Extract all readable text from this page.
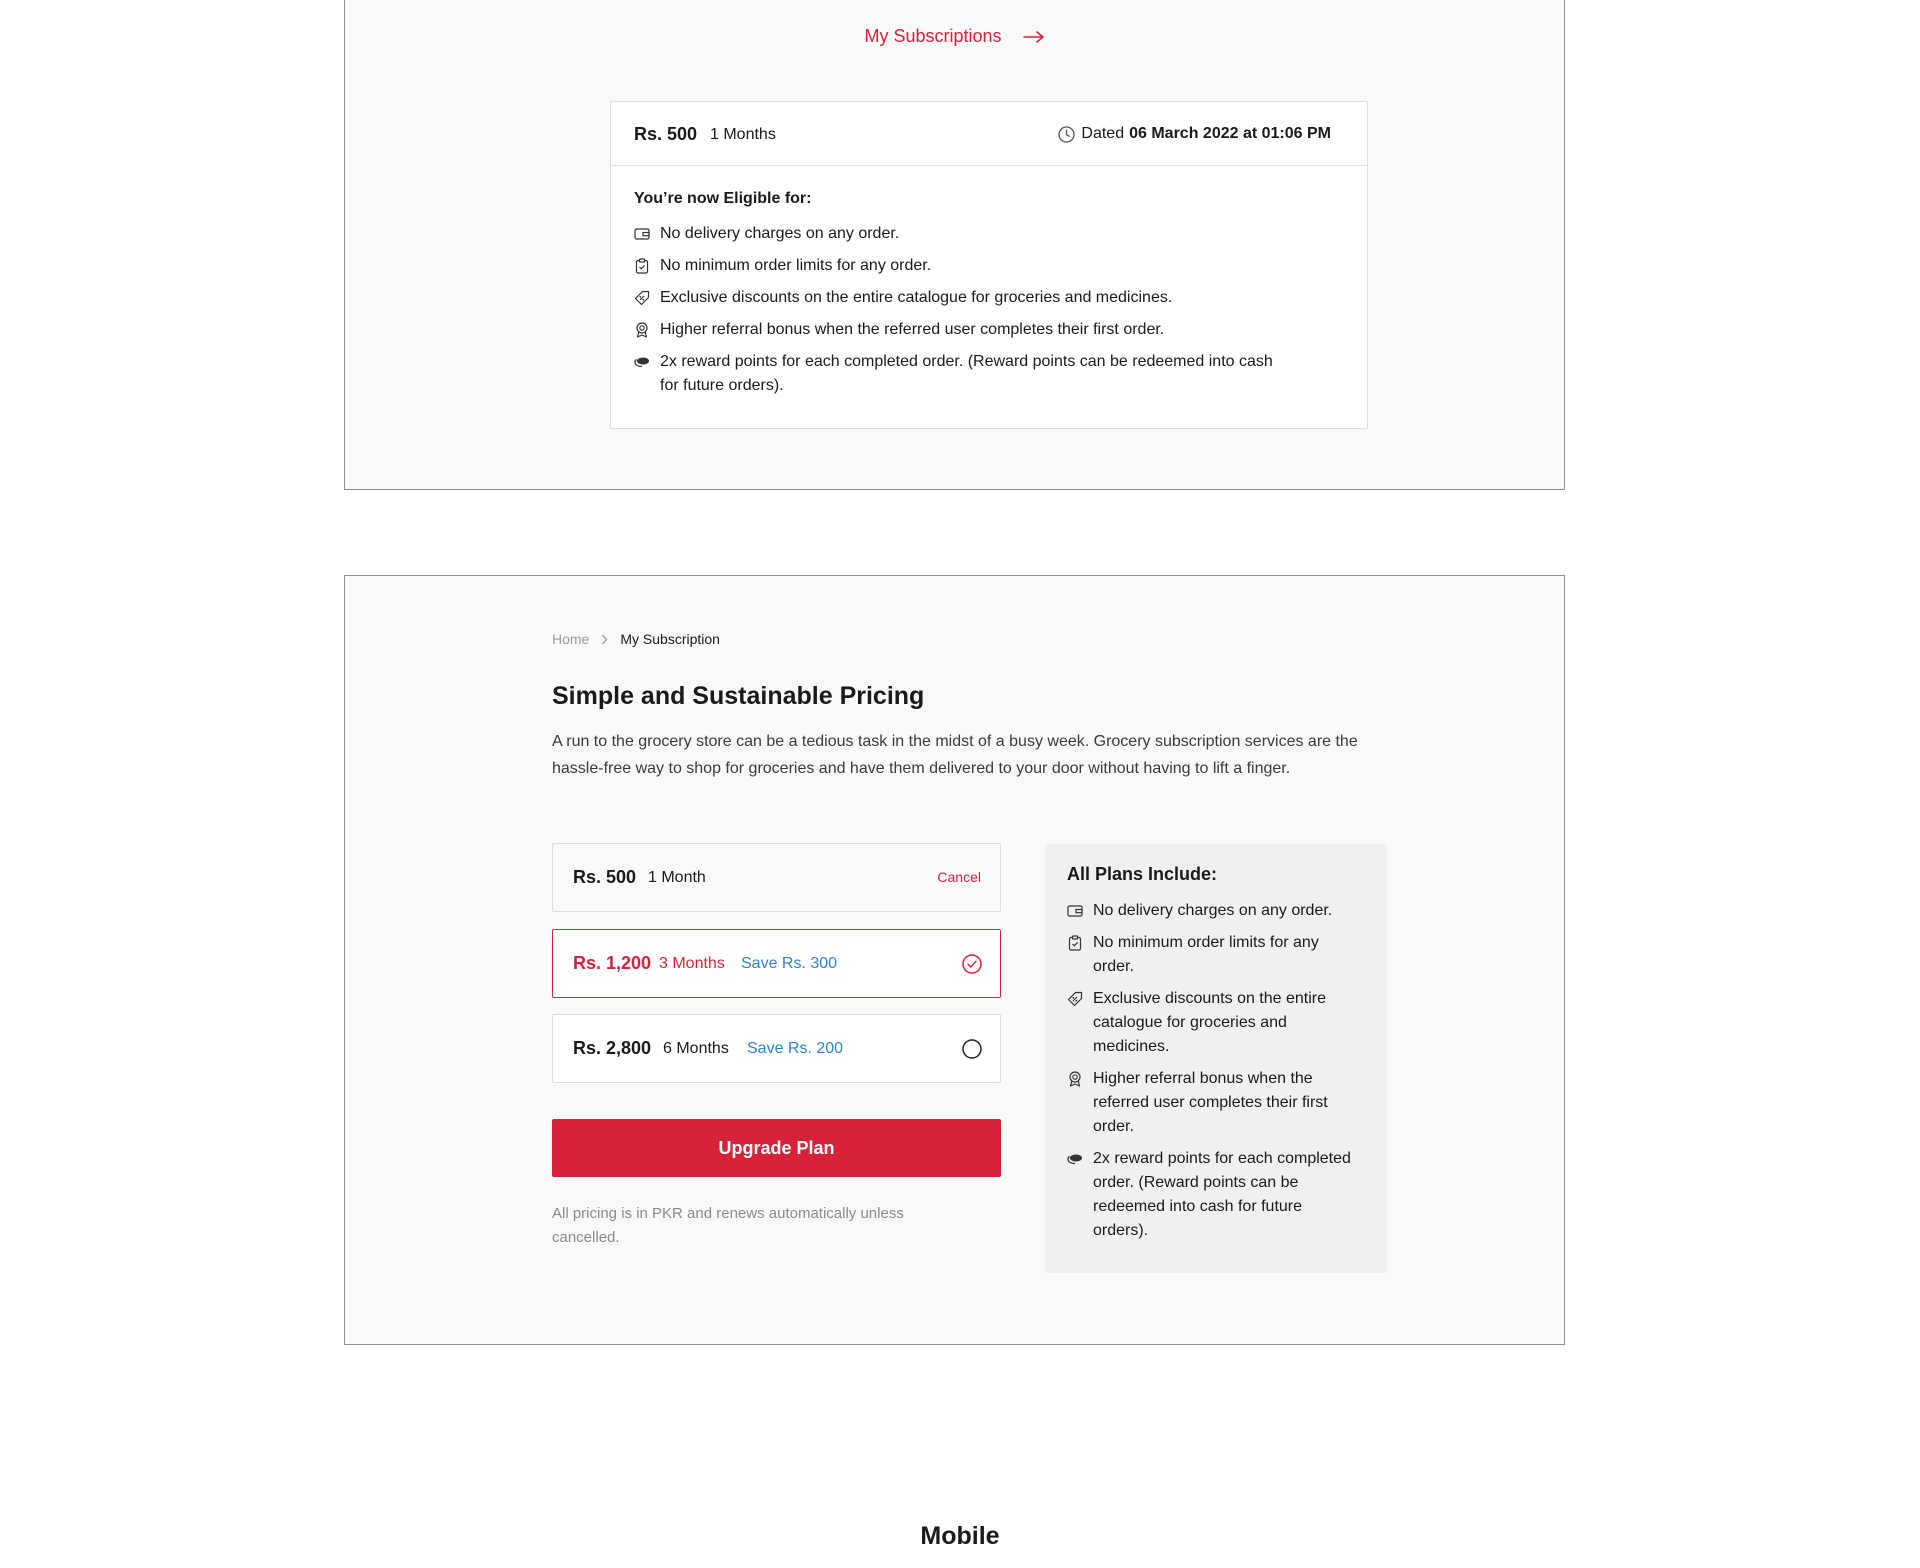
My Subscriptions
Rs. 500 1 Months	Dated 06 March 2022 at 01:06 PM
You’re now Eligible for:
No delivery charges on any order.
No minimum order limits for any order.
Exclusive discounts on the entire catalogue for groceries and medicines.
Higher referral bonus when the referred user completes their first order.
2x reward points for each completed order. (Reward points can be redeemed into cash for future orders).
Home My Subscription
Simple and Sustainable Pricing
A run to the grocery store can be a tedious task in the midst of a busy week. Grocery subscription services are the hassle-free way to shop for groceries and have them delivered to your door without having to lift a finger.
Rs. 500 1 Month	Cancel
Rs. 1,200 3 Months Save Rs. 300
Rs. 2,800 6 Months Save Rs. 200
Upgrade Plan
All pricing is in PKR and renews automatically unless cancelled.
All Plans Include:
No delivery charges on any order.
No minimum order limits for any order.
Exclusive discounts on the entire catalogue for groceries and medicines.
Higher referral bonus when the referred user completes their first order.
2x reward points for each completed order. (Reward points can be redeemed into cash for future orders).
Mobile
